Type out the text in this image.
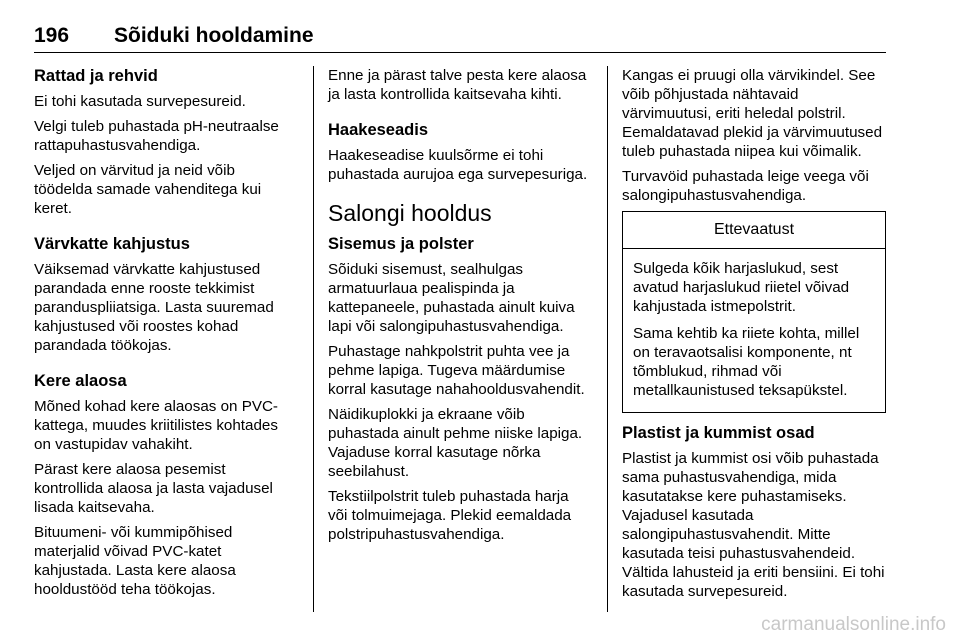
196 Sõiduki hooldamine
Rattad ja rehvid

Ei tohi kasutada survepesureid.

Velgi tuleb puhastada pH-neutraalse rattapuhastusvahendiga.

Veljed on värvitud ja neid võib töödelda samade vahenditega kui keret.

Värvkatte kahjustus

Väiksemad värvkatte kahjustused parandada enne rooste tekkimist paranduspliiatsiga. Lasta suuremad kahjustused või roostes kohad parandada töökojas.

Kere alaosa

Mõned kohad kere alaosas on PVC-kattega, muudes kriitilistes kohtades on vastupidav vahakiht.

Pärast kere alaosa pesemist kontrollida alaosa ja lasta vajadusel lisada kaitsevaha.

Bituumeni- või kummipõhised materjalid võivad PVC-katet kahjustada. Lasta kere alaosa hooldustööd teha töökojas.

Enne ja pärast talve pesta kere alaosa ja lasta kontrollida kaitsevaha kihti.

Haakeseadis

Haakeseadise kuulsõrme ei tohi puhastada aurujoa ega survepesuriga.

Salongi hooldus
Sisemus ja polster

Sõiduki sisemust, sealhulgas armatuurlaua pealispinda ja kattepaneele, puhastada ainult kuiva lapi või salongipuhastusvahendiga.

Puhastage nahkpolstrit puhta vee ja pehme lapiga. Tugeva määrdumise korral kasutage nahahooldusvahendit.

Näidikuplokki ja ekraane võib puhastada ainult pehme niiske lapiga. Vajaduse korral kasutage nõrka seebilahust.

Tekstiilpolstrit tuleb puhastada harja või tolmuimejaga. Plekid eemaldada polstripuhastusvahendiga.

Kangas ei pruugi olla värvikindel. See võib põhjustada nähtavaid värvimuutusi, eriti heledal polstril. Eemaldatavad plekid ja värvimuutused tuleb puhastada niipea kui võimalik.

Turvavöid puhastada leige veega või salongipuhastusvahendiga.

Ettevaatust

Sulgeda kõik harjaslukud, sest avatud harjaslukud riietel võivad kahjustada istmepolstrit.

Sama kehtib ka riiete kohta, millel on teravaotsalisi komponente, nt tõmblukud, rihmad või metallkaunistused teksapükstel.

Plastist ja kummist osad

Plastist ja kummist osi võib puhastada sama puhastusvahendiga, mida kasutatakse kere puhastamiseks. Vajadusel kasutada salongipuhastusvahendit. Mitte kasutada teisi puhastusvahendeid. Vältida lahusteid ja eriti bensiini. Ei tohi kasutada survepesureid.

carmanualsonline.info
